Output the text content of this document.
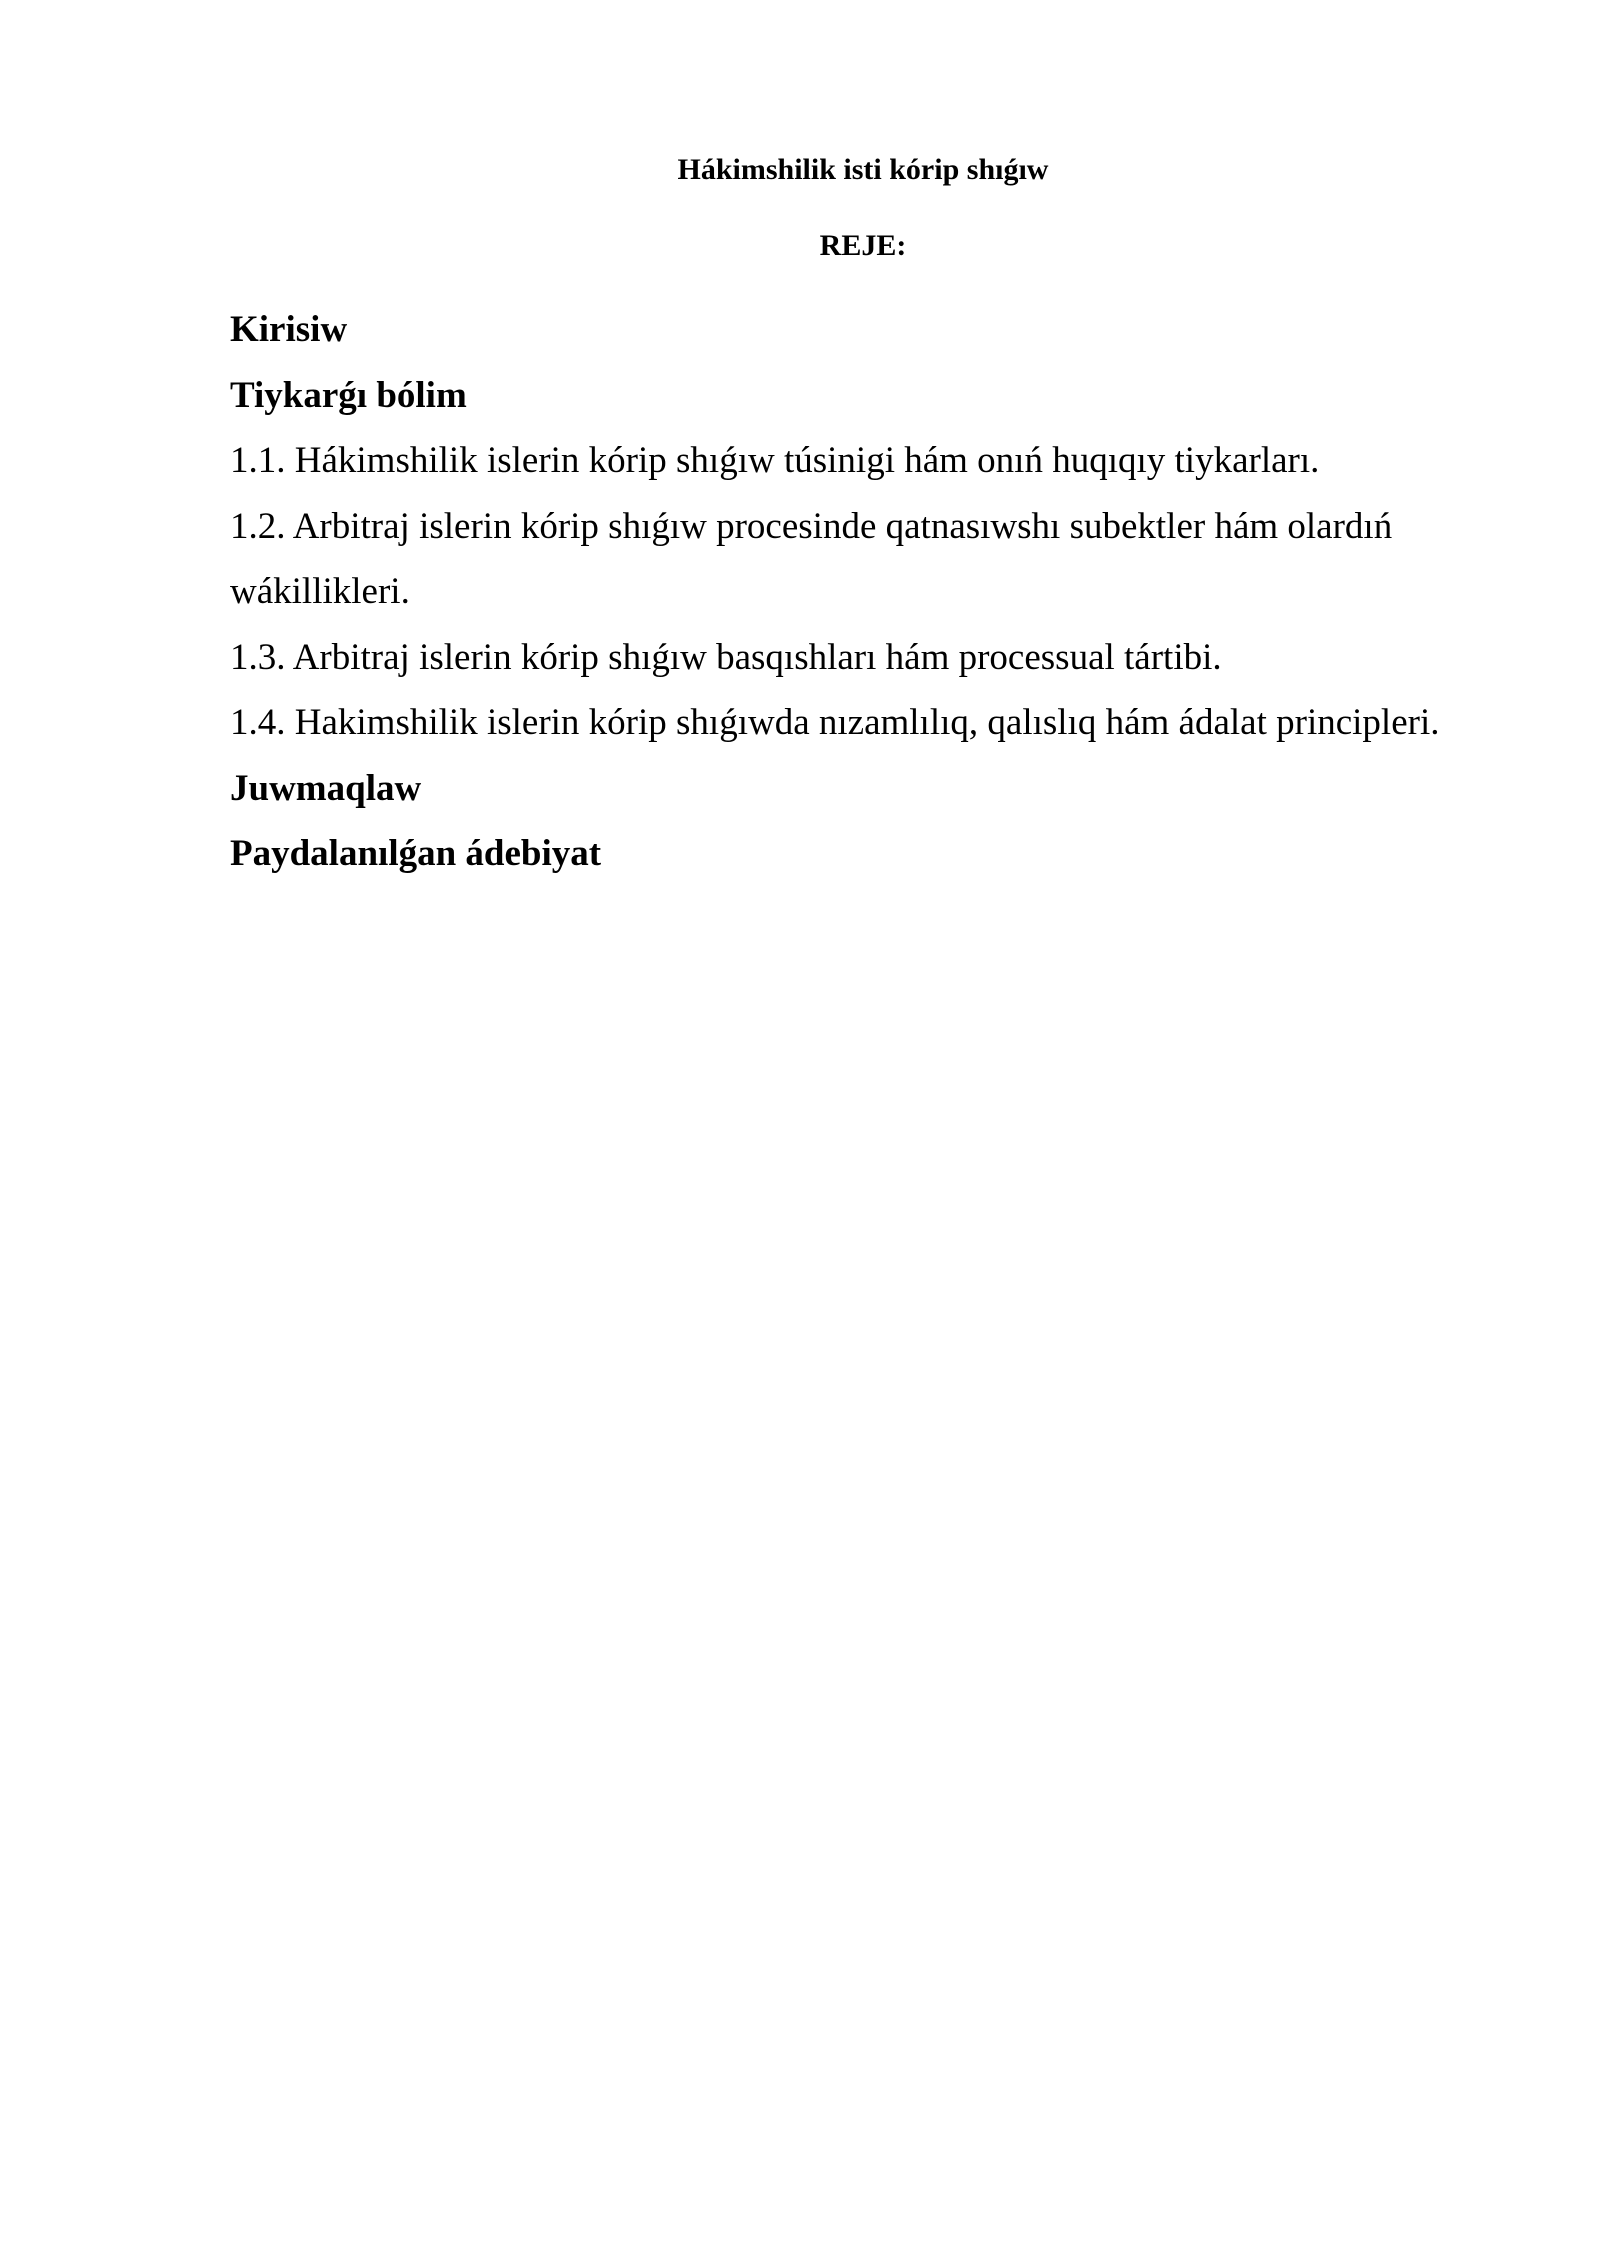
Hákimshilik isti kórip shıǵıw
REJE:
Kirisiw
Tiykarǵı bólim
1.1. Hákimshilik islerin kórip shıǵıw túsinigi hám onıń huqıqıy tiykarları.
1.2. Arbitraj islerin kórip shıǵıw procesinde qatnasıwshı subektler hám olardıń wákillikleri.
1.3. Arbitraj islerin kórip shıǵıw basqıshları hám processual tártibi.
1.4. Hakimshilik islerin kórip shıǵıwda nızamlılıq, qalıslıq hám ádalat principleri.
Juwmaqlaw
Paydalanılǵan ádebiyat
